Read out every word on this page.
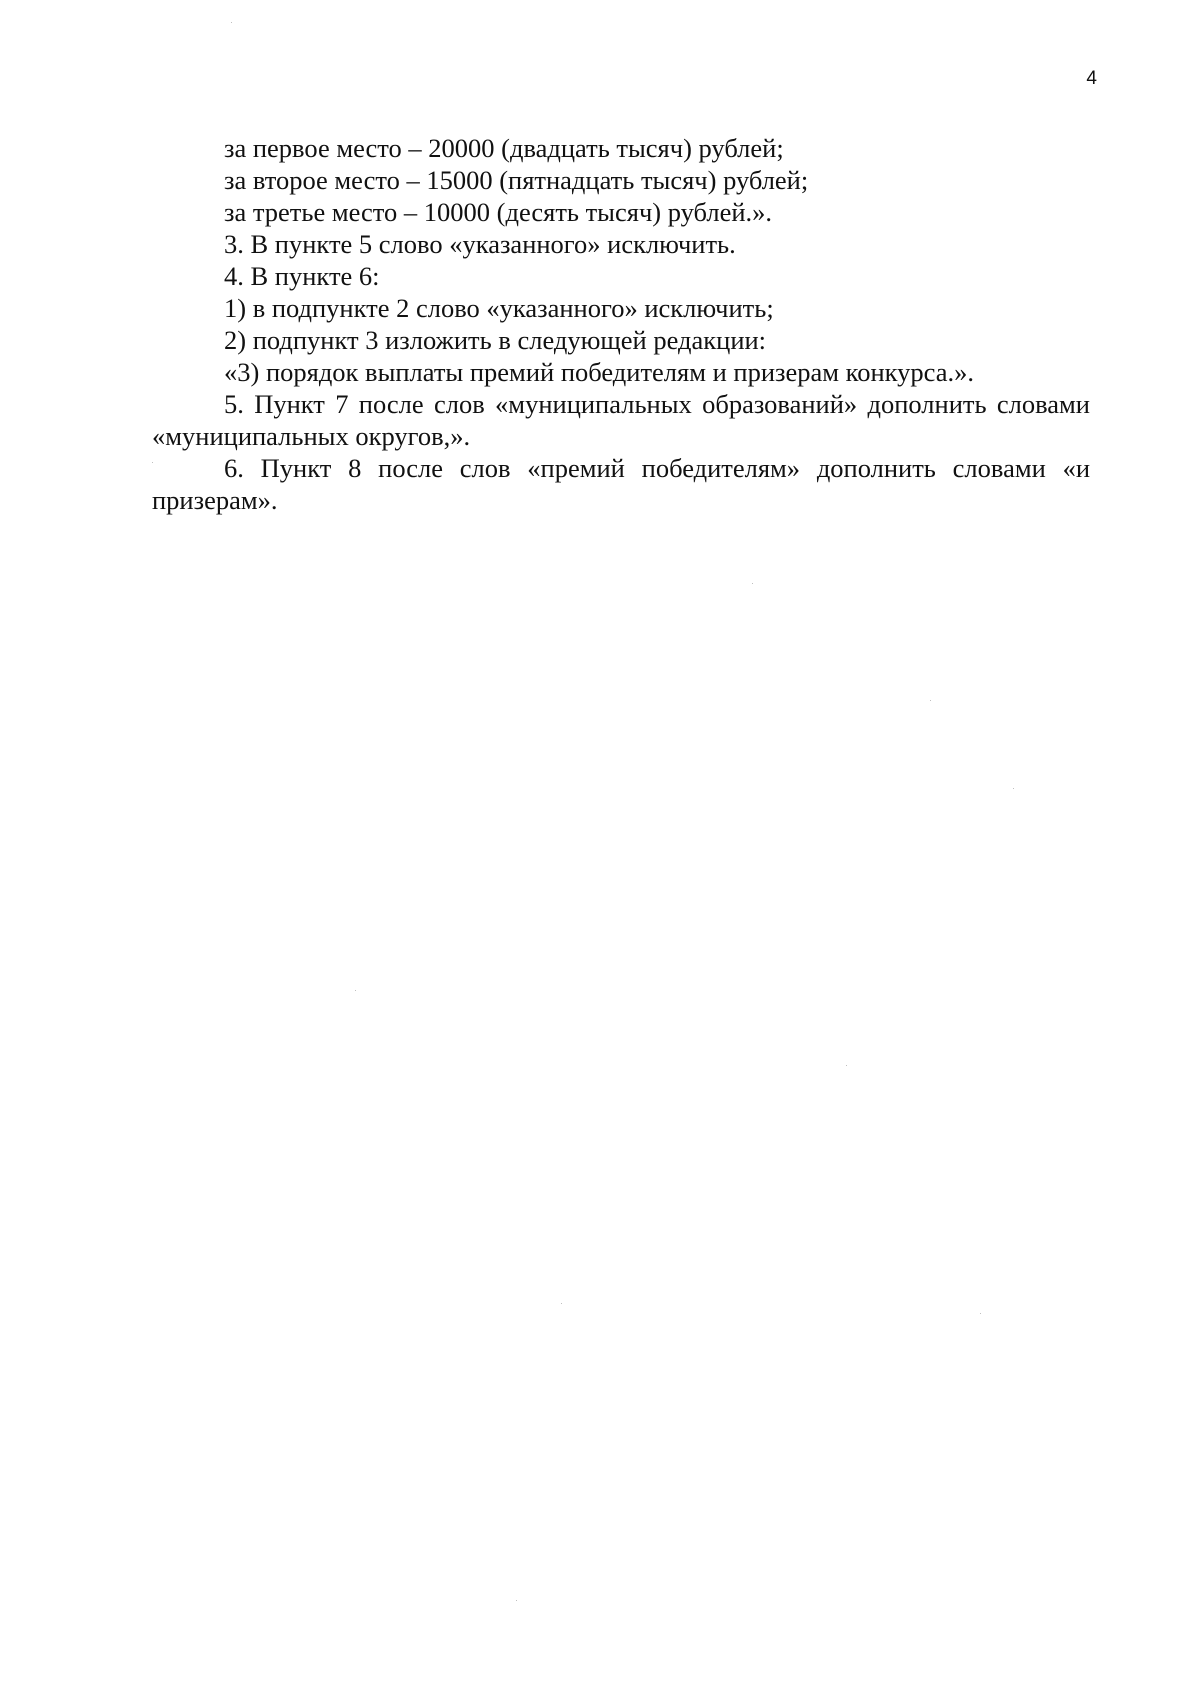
4

за первое место – 20000 (двадцать тысяч) рублей;

за второе место – 15000 (пятнадцать тысяч) рублей;

за третье место – 10000 (десять тысяч) рублей.».

3. В пункте 5 слово «указанного» исключить.

4. В пункте 6:

1) в подпункте 2 слово «указанного» исключить;

2) подпункт 3 изложить в следующей редакции:

«3) порядок выплаты премий победителям и призерам конкурса.».

5. Пункт 7 после слов «муниципальных образований» дополнить словами «муниципальных округов,».

6. Пункт 8 после слов «премий победителям» дополнить словами «и призерам».
